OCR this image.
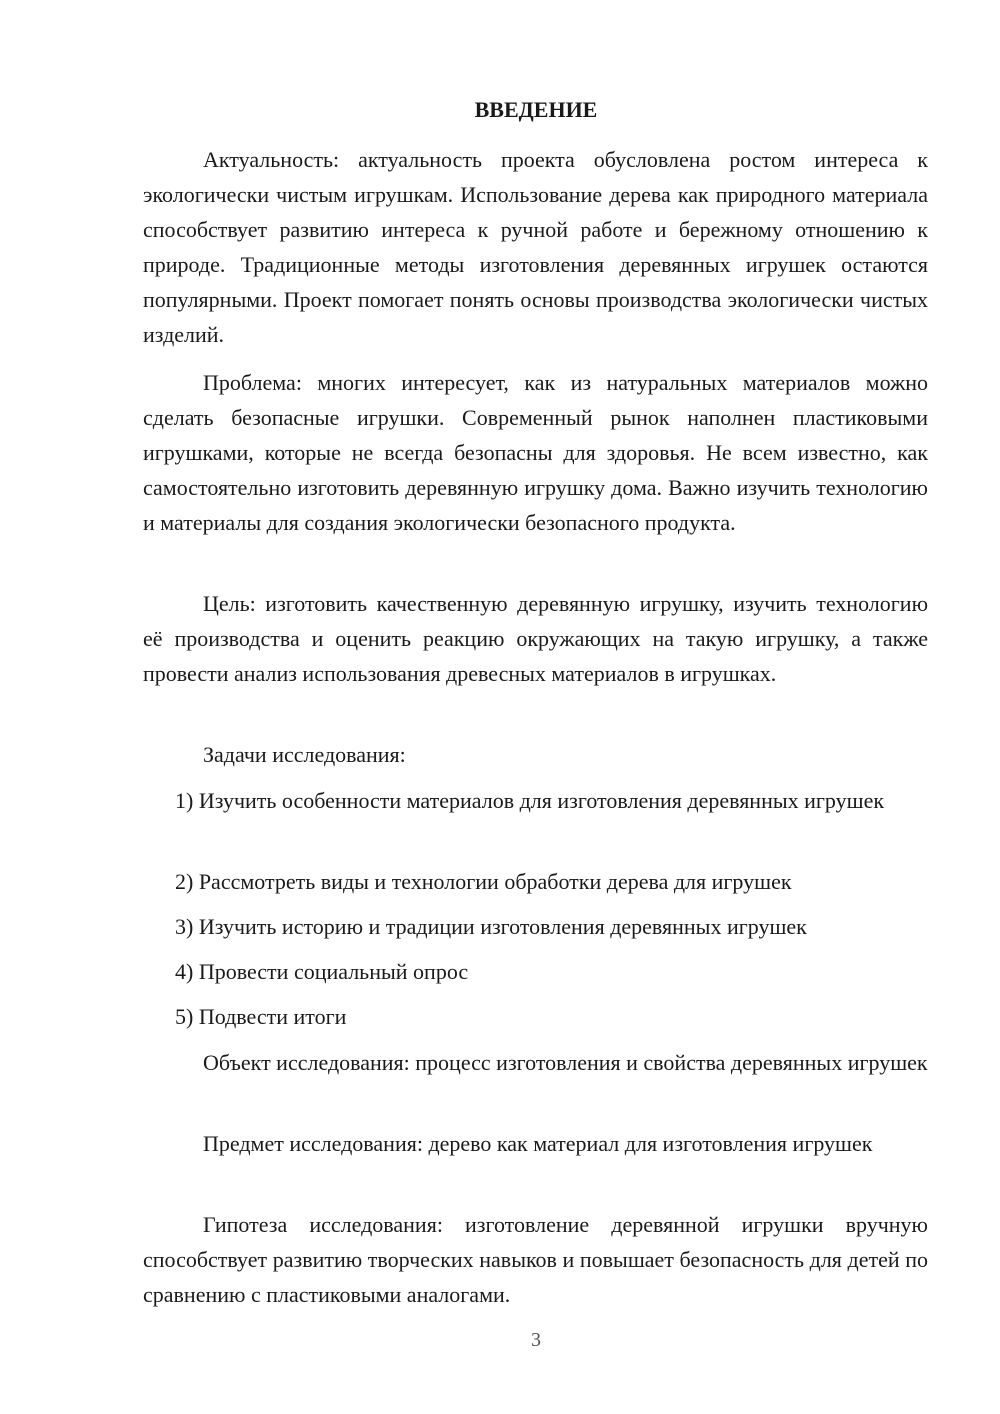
ВВЕДЕНИЕ

Актуальность: актуальность проекта обусловлена ростом интереса к экологически чистым игрушкам. Использование дерева как природного материала способствует развитию интереса к ручной работе и бережному отношению к природе. Традиционные методы изготовления деревянных игрушек остаются популярными. Проект помогает понять основы производства экологически чистых изделий.

Проблема: многих интересует, как из натуральных материалов можно сделать безопасные игрушки. Современный рынок наполнен пластиковыми игрушками, которые не всегда безопасны для здоровья. Не всем известно, как самостоятельно изготовить деревянную игрушку дома. Важно изучить технологию и материалы для создания экологически безопасного продукта.

Цель: изготовить качественную деревянную игрушку, изучить технологию её производства и оценить реакцию окружающих на такую игрушку, а также провести анализ использования древесных материалов в игрушках.

Задачи исследования:

1) Изучить особенности материалов для изготовления деревянных игрушек

2) Рассмотреть виды и технологии обработки дерева для игрушек

3) Изучить историю и традиции изготовления деревянных игрушек

4) Провести социальный опрос

5) Подвести итоги

Объект исследования: процесс изготовления и свойства деревянных игрушек

Предмет исследования: дерево как материал для изготовления игрушек

Гипотеза исследования: изготовление деревянной игрушки вручную способствует развитию творческих навыков и повышает безопасность для детей по сравнению с пластиковыми аналогами.

3
